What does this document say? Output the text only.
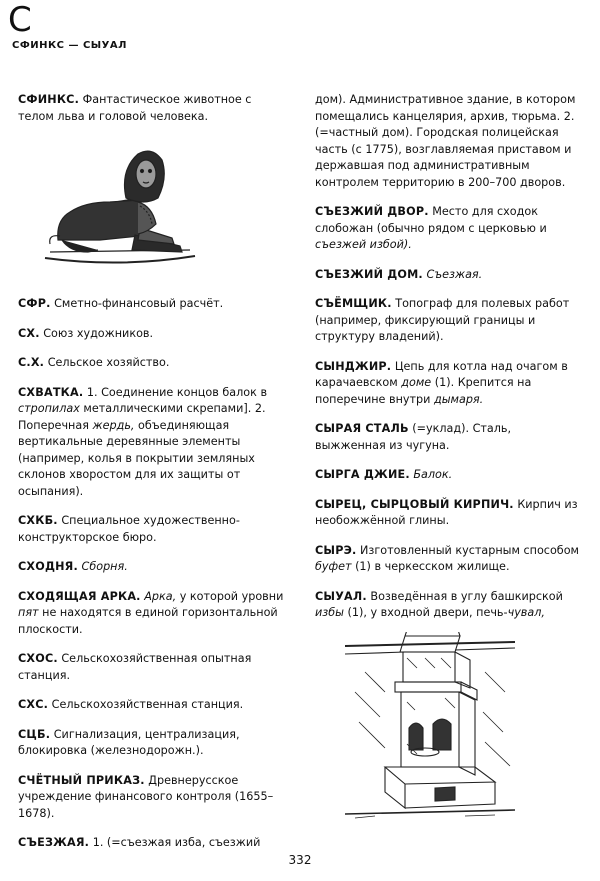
С
СФИНКС — СЫУАЛ
СФИНКС. Фантастическое животное с телом льва и головой человека.
СФР. Сметно-финансовый расчёт.
СХ. Союз художников.
С.Х. Сельское хозяйство.
СХВАТКА. 1. Соединение концов балок в стропилах металлическими скрепами]. 2. Поперечная жердь, объединяющая вертикальные деревянные элементы (например, колья в покрытии земляных склонов хворостом для их защиты от осыпания).
СХКБ. Специальное художественно-конструкторское бюро.
СХОДНЯ. Сборня.
СХОДЯЩАЯ АРКА. Арка, у которой уровни пят не находятся в единой горизонтальной плоскости.
СХОС. Сельскохозяйственная опытная станция.
СХС. Сельскохозяйственная станция.
СЦБ. Сигнализация, централизация, блокировка (железнодорожн.).
СЧЁТНЫЙ ПРИКАЗ. Древнерусское учреждение финансового контроля (1655–1678).
СЪЕЗЖАЯ. 1. (=съезжая изба, съезжий
дом). Административное здание, в котором помещались канцелярия, архив, тюрьма. 2. (=частный дом). Городская полицейская часть (с 1775), возглавляемая приставом и державшая под административным контролем территорию в 200–700 дворов.
СЪЕЗЖИЙ ДВОР. Место для сходок слобожан (обычно рядом с церковью и съезжей избой).
СЪЕЗЖИЙ ДОМ. Съезжая.
СЪЁМЩИК. Топограф для полевых работ (например, фиксирующий границы и структуру владений).
СЫНДЖИР. Цепь для котла над очагом в карачаевском доме (1). Крепится на поперечине внутри дымаря.
СЫРАЯ СТАЛЬ (=уклад). Сталь, выжженная из чугуна.
СЫРГА ДЖИЕ. Балок.
СЫРЕЦ, СЫРЦОВЫЙ КИРПИЧ. Кирпич из необожжённой глины.
СЫРЭ. Изготовленный кустарным способом буфет (1) в черкесском жилище.
СЫУАЛ. Возведённая в углу башкирской избы (1), у входной двери, печь-чувал,
332
